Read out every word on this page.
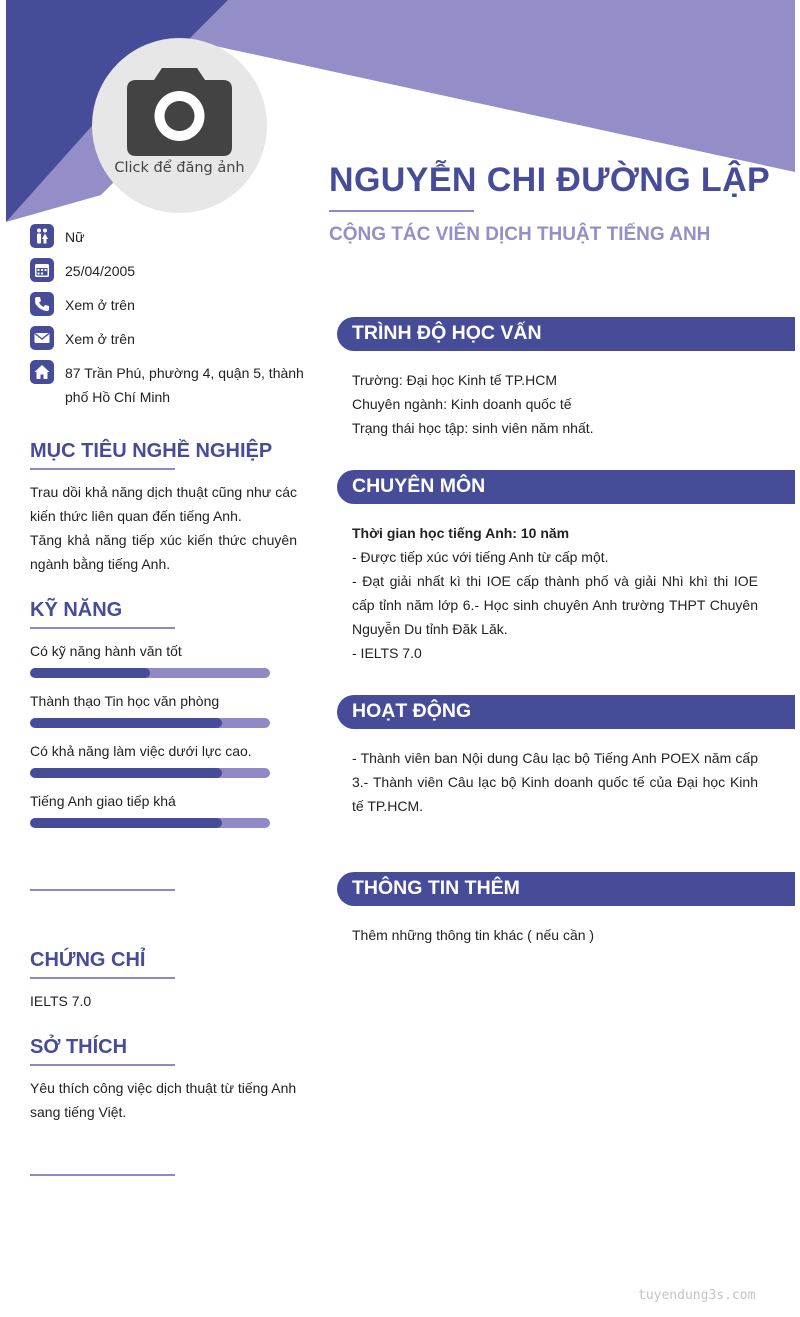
Click để đăng ảnh	NGUYỄN CHI ĐƯỜNG LẬP
CỘNG TÁC VIÊN DỊCH THUẬT TIẾNG ANH
Nữ
25/04/2005
Xem ở trên
Xem ở trên
87 Trần Phú, phường 4, quận 5, thành phố Hồ Chí Minh
MỤC TIÊU NGHỀ NGHIỆP
Trau dồi khả năng dịch thuật cũng như các kiến thức liên quan đến tiếng Anh.
Tăng khả năng tiếp xúc kiến thức chuyên ngành bằng tiếng Anh.
KỸ NĂNG
Có kỹ năng hành văn tốt
Thành thạo Tin học văn phòng
Có khả năng làm việc dưới lực cao.
Tiếng Anh giao tiếp khá
CHỨNG CHỈ
IELTS 7.0
SỞ THÍCH
Yêu thích công việc dịch thuật từ tiếng Anh sang tiếng Việt.
TRÌNH ĐỘ HỌC VẤN

Trường: Đại học Kinh tế TP.HCM

Chuyên ngành: Kinh doanh quốc tế

Trạng thái học tập: sinh viên năm nhất.

CHUYÊN MÔN

Thời gian học tiếng Anh: 10 năm

- Được tiếp xúc với tiếng Anh từ cấp một.

- Đạt giải nhất kì thi IOE cấp thành phố và giải Nhì khì thi IOE cấp tỉnh năm lớp 6.- Học sinh chuyên Anh trường THPT Chuyên Nguyễn Du tỉnh Đăk Lăk.

- IELTS 7.0

HOẠT ĐỘNG
- Thành viên ban Nội dung Câu lạc bộ Tiếng Anh POEX năm cấp 3.- Thành viên Câu lạc bộ Kinh doanh quốc tế của Đại học Kinh tế TP.HCM.
THÔNG TIN THÊM
Thêm những thông tin khác ( nếu cần )
tuyendung3s.com
